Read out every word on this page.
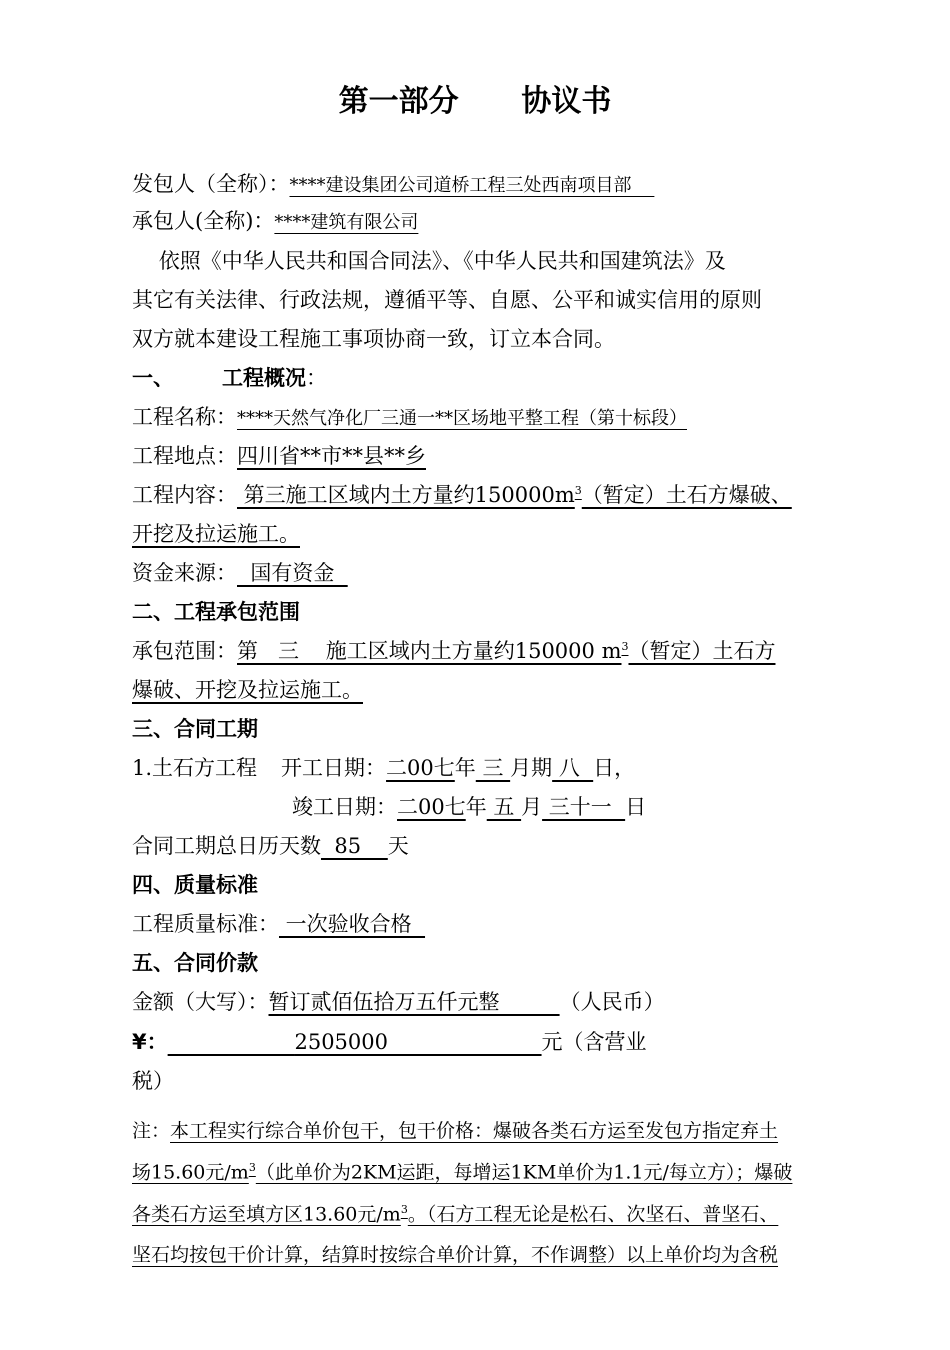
第一部分      协议书
发包人（全称）：****建设集团公司道桥工程三处西南项目部
承包人(全称)：****建筑有限公司
依照《中华人民共和国合同法》、《中华人民共和国建筑法》及
其它有关法律、行政法规，遵循平等、自愿、公平和诚实信用的原则
双方就本建设工程施工事项协商一致，订立本合同。
一、 工程概况：
工程名称：****天然气净化厂三通一**区场地平整工程（第十标段）
工程地点：四川省**市**县**乡
工程内容： 第三施工区域内土方量约$150000m^3$（暂定）土石方爆破、
开挖及拉运施工。
资金来源：  国有资金
二、工程承包范围
承包范围：第   三    施工区域内土方量约150000 $m^3$（暂定）土石方
爆破、开挖及拉运施工。
三、合同工期
1.土石方工程 开工日期：二00七年 三 月期 八  日，
竣工日期：二00七年 五 月 三十一  日
合同工期总日历天数  85    天
四、质量标准
工程质量标准： 一次验收合格
五、合同价款
金额（大写）：暂订贰佰伍拾万五仟元整         （人民币）
¥：	2505000	元（含营业
税）
注：本工程实行综合单价包干，包干价格：爆破各类石方运至发包方指定弃土
场15.60元$/m^3$（此单价为2KM运距，每增运1KM单价为1.1元/每立方）；爆破
各类石方运至填方区13.60元$/m^3$。（石方工程无论是松石、次坚石、普坚石、
坚石均按包干价计算，结算时按综合单价计算，不作调整）以上单价均为含税
